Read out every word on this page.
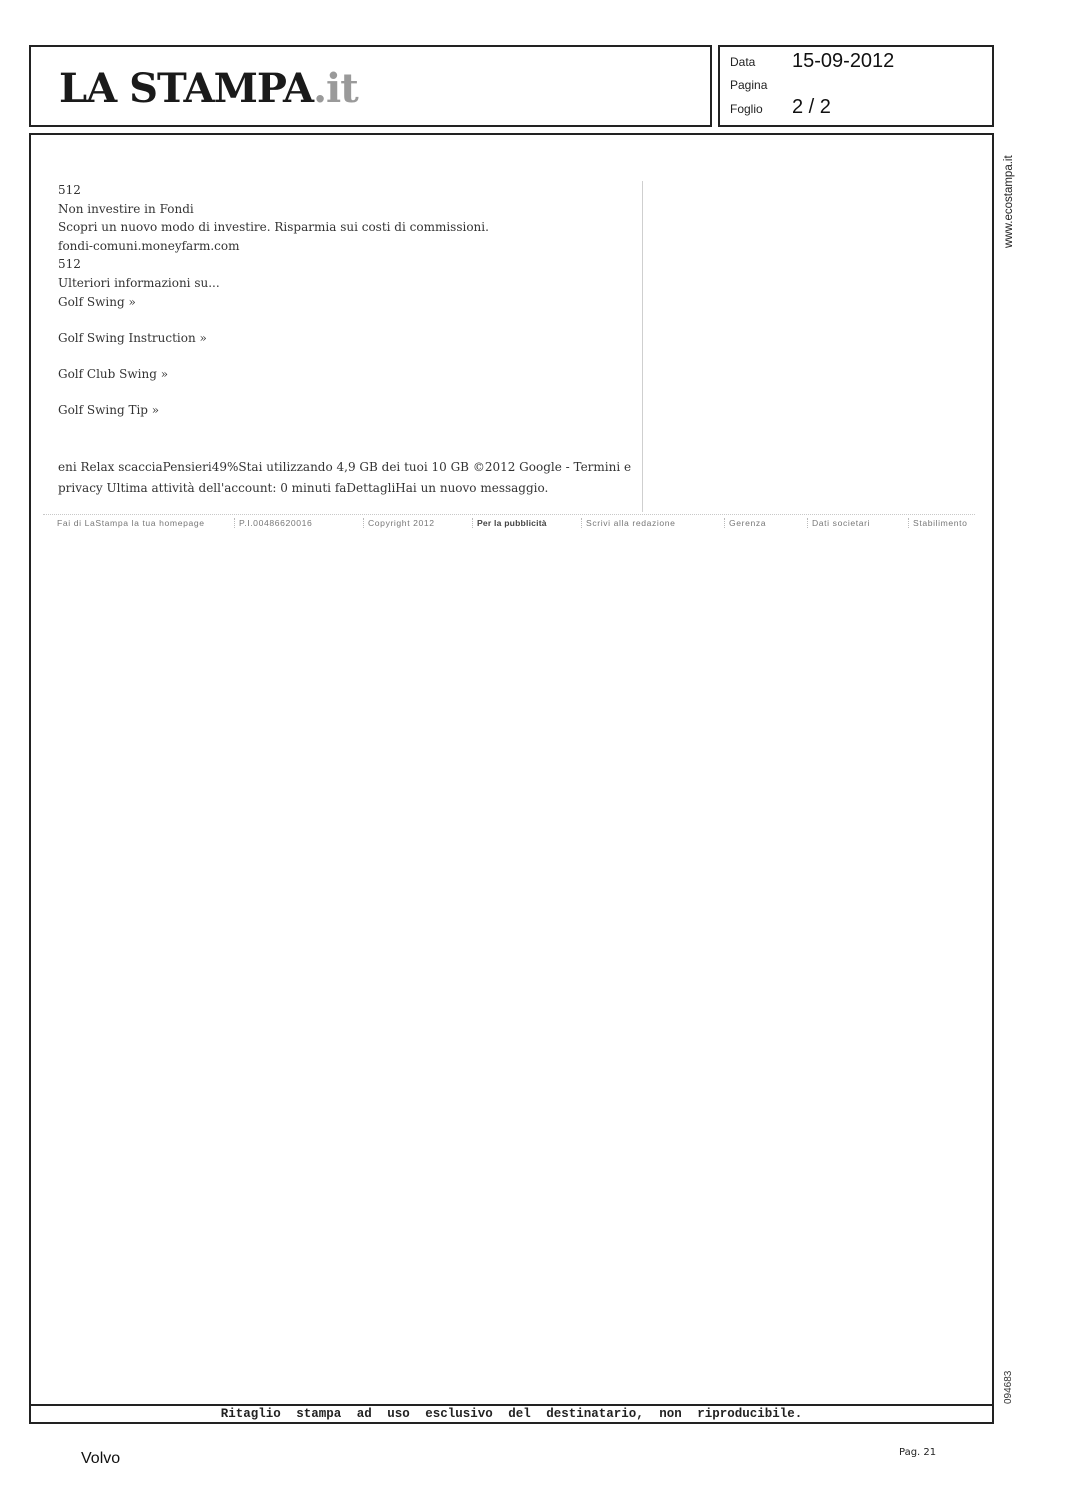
LA STAMPA.it
Data 15-09-2012
Pagina
Foglio 2 / 2
www.ecostampa.it
094683
512
Non investire in Fondi
Scopri un nuovo modo di investire. Risparmia sui costi di commissioni.
fondi-comuni.moneyfarm.com
512
Ulteriori informazioni su...
Golf Swing »
Golf Swing Instruction »
Golf Club Swing »
Golf Swing Tip »
eni Relax scacciaPensieri49%Stai utilizzando 4,9 GB dei tuoi 10 GB ©2012 Google - Termini e
privacy Ultima attività dell'account: 0 minuti faDettagliHai un nuovo messaggio.
Fai di LaStampa la tua homepage	P.I.00486620016	Copyright 2012	Per la pubblicità	Scrivi alla redazione	Gerenza	Dati societari	Stabilimento
Ritaglio stampa ad uso esclusivo del destinatario, non riproducibile.
Volvo	Pag. 21
